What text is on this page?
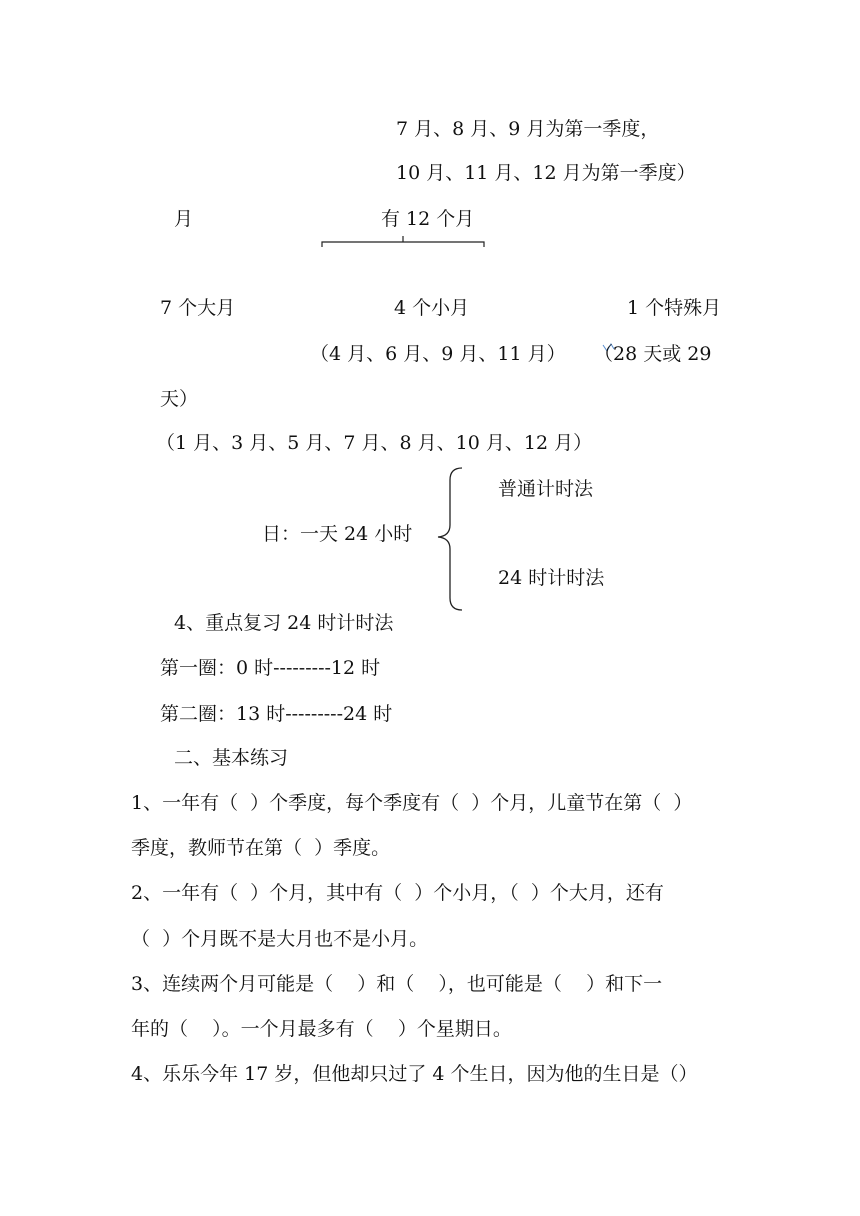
7 月、8 月、9 月为第一季度，
10 月、11 月、12 月为第一季度）
月	有 12 个月
7 个大月	4 个小月	1 个特殊月
（4 月、6 月、9 月、11 月） （28 天或 29
天）
（1 月、3 月、5 月、7 月、8 月、10 月、12 月）
普通计时法
日：一天 24 小时
24 时计时法
4、重点复习 24 时计时法
第一圈：0 时---------12 时
第二圈：13 时---------24 时
二、基本练习
1、一年有（  ）个季度，每个季度有（  ）个月，儿童节在第（  ）
季度，教师节在第（  ）季度。
2、一年有（  ）个月，其中有（  ）个小月，（  ）个大月，还有
（  ）个月既不是大月也不是小月。
3、连续两个月可能是（    ）和（    ），也可能是（    ）和下一
年的（    ）。一个月最多有（    ）个星期日。
4、乐乐今年 17 岁，但他却只过了 4 个生日，因为他的生日是（）
